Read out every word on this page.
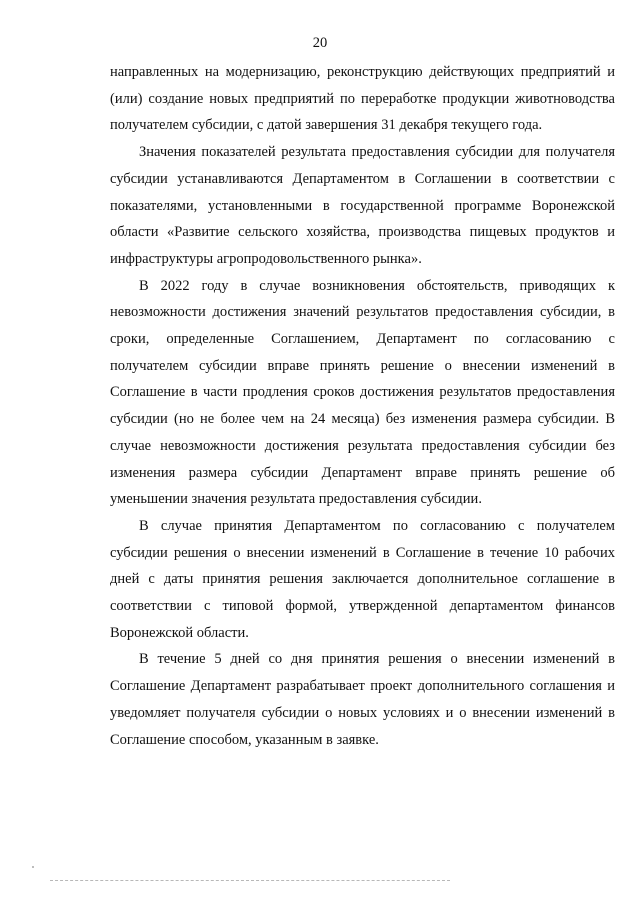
20

направленных на модернизацию, реконструкцию действующих предприятий и (или) создание новых предприятий по переработке продукции животноводства получателем субсидии, с датой завершения 31 декабря текущего года.

Значения показателей результата предоставления субсидии для получателя субсидии устанавливаются Департаментом в Соглашении в соответствии с показателями, установленными в государственной программе Воронежской области «Развитие сельского хозяйства, производства пищевых продуктов и инфраструктуры агропродовольственного рынка».

В 2022 году в случае возникновения обстоятельств, приводящих к невозможности достижения значений результатов предоставления субсидии, в сроки, определенные Соглашением, Департамент по согласованию с получателем субсидии вправе принять решение о внесении изменений в Соглашение в части продления сроков достижения результатов предоставления субсидии (но не более чем на 24 месяца) без изменения размера субсидии. В случае невозможности достижения результата предоставления субсидии без изменения размера субсидии Департамент вправе принять решение об уменьшении значения результата предоставления субсидии.

В случае принятия Департаментом по согласованию с получателем субсидии решения о внесении изменений в Соглашение в течение 10 рабочих дней с даты принятия решения заключается дополнительное соглашение в соответствии с типовой формой, утвержденной департаментом финансов Воронежской области.

В течение 5 дней со дня принятия решения о внесении изменений в Соглашение Департамент разрабатывает проект дополнительного соглашения и уведомляет получателя субсидии о новых условиях и о внесении изменений в Соглашение способом, указанным в заявке.
